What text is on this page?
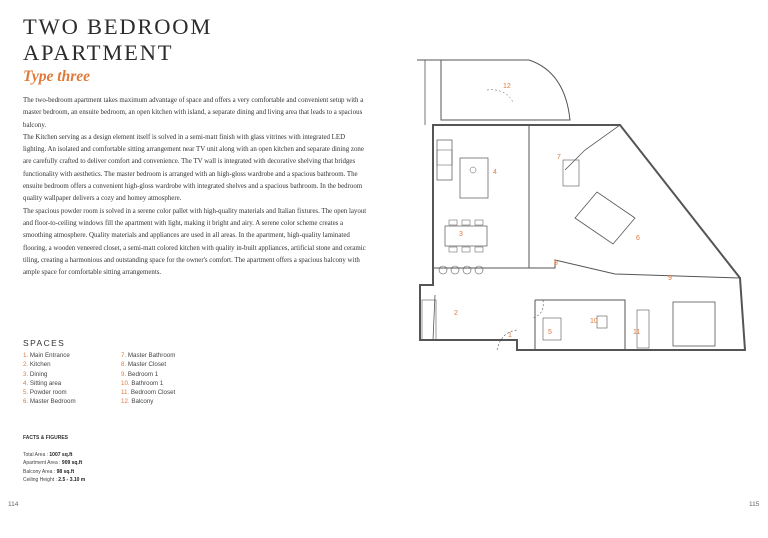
TWO BEDROOM
APARTMENT
Type three

The two-bedroom apartment takes maximum advantage of space and offers a very comfortable and convenient setup with a master bedroom, an ensuite bedroom, an open kitchen with island, a separate dining and living area that leads to a spacious balcony.

The Kitchen serving as a design element itself is solved in a semi-matt finish with glass vitrines with integrated LED lighting. An isolated and comfortable sitting arrangement near TV unit along with an open kitchen and separate dining zone are carefully crafted to deliver comfort and convenience. The TV wall is integrated with decorative shelving that bridges functionality with aesthetics. The master bedroom is arranged with an high-gloss wardrobe and a spacious bathroom. The ensuite bedroom offers a convenient high-gloss wardrobe with integrated shelves and a spacious bathroom. In the bedroom quality wallpaper delivers a cozy and homey atmosphere.

The spacious powder room is solved in a serene color pallet with high-quality materials and Italian fixtures. The open layout and floor-to-ceiling windows fill the apartment with light, making it bright and airy. A serene color scheme creates a smoothing atmosphere. Quality materials and appliances are used in all areas. In the apartment, high-quality laminated flooring, a wooden veneered closet, a semi-matt colored kitchen with quality in-built appliances, artificial stone and ceramic tiling, creating a harmonious and outstanding space for the owner's comfort. The apartment offers a spacious balcony with ample space for comfortable sitting arrangements.

SPACES
1. Main Entrance
2. Kitchen
3. Dining
4. Sitting area
5. Powder room
6. Master Bedroom
7. Master Bathroom
8. Master Closet
9. Bedroom 1
10. Bathroom 1
11. Bedroom Closet
12. Balcony
FACTS & FIGURES
Total Area : 1007 sq.ft
Apartment Area : 909 sq.ft
Balcony Area : 98 sq.ft
Ceiling Height : 2.5 - 3.10 m
1
2
3
4
5
6
7
8
9
10
11
12
114	115
